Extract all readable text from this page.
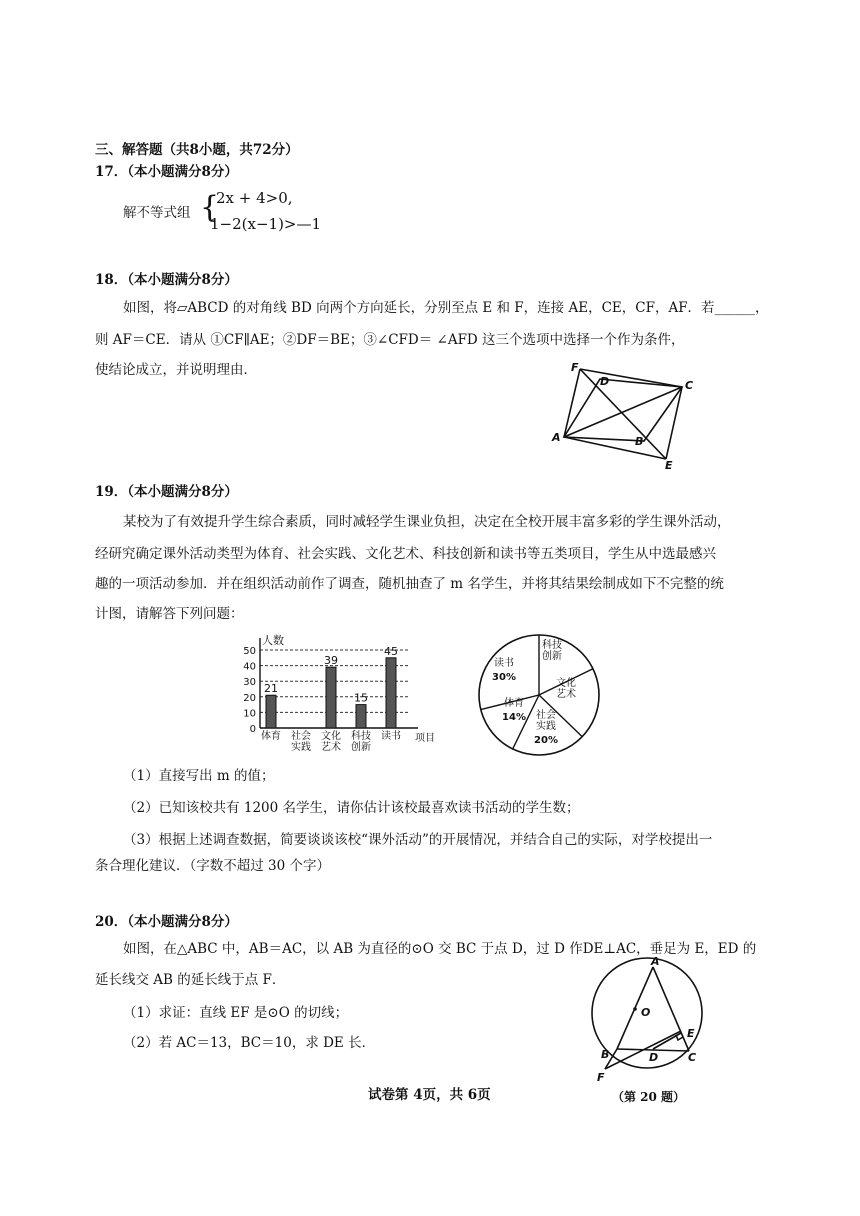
三、解答题（共8小题，共72分）
17．（本小题满分8分）
解不等式组 {
2x + 4>0,
1−2(x−1)>—1
18．（本小题满分8分）
如图，将▱ABCD 的对角线 BD 向两个方向延长，分别至点 E 和 F，连接 AE，CE，CF，AF．若______，
则 AF＝CE．请从 ①CF∥AE；②DF＝BE；③∠CFD＝ ∠AFD 这三个选项中选择一个作为条件，
使结论成立，并说明理由．	F
D	C
A	B
E
19．（本小题满分8分）
某校为了有效提升学生综合素质，同时减轻学生课业负担，决定在全校开展丰富多彩的学生课外活动，
经研究确定课外活动类型为体育、社会实践、文化艺术、科技创新和读书等五类项目，学生从中选最感兴
趣的一项活动参加．并在组织活动前作了调查，随机抽查了 m 名学生，并将其结果绘制成如下不完整的统
计图，请解答下列问题：
0
10
20
30
40
50
人数
项目
21
体育 社会
实践
39
文化
艺术
15
科技
创新
45
读书
科技
创新
文化
艺术
社会
实践
20%
体育
14%
读书
30%
（1）直接写出 m 的值；
（2）已知该校共有 1200 名学生，请你估计该校最喜欢读书活动的学生数；
（3）根据上述调查数据，简要谈谈该校“课外活动”的开展情况，并结合自己的实际，对学校提出一
条合理化建议．（字数不超过 30 个字）
20．（本小题满分8分）
如图，在△ABC 中，AB＝AC，以 AB 为直径的⊙O 交 BC 于点 D，过 D 作DE⊥AC，垂足为 E，ED 的
延长线交 AB 的延长线于点 F．
（1）求证：直线 EF 是⊙O 的切线；
（2）若 AC＝13，BC＝10，求 DE 长．
A
O
E
B	D	C
F
（第 20 题）
试卷第 4页，共 6页
